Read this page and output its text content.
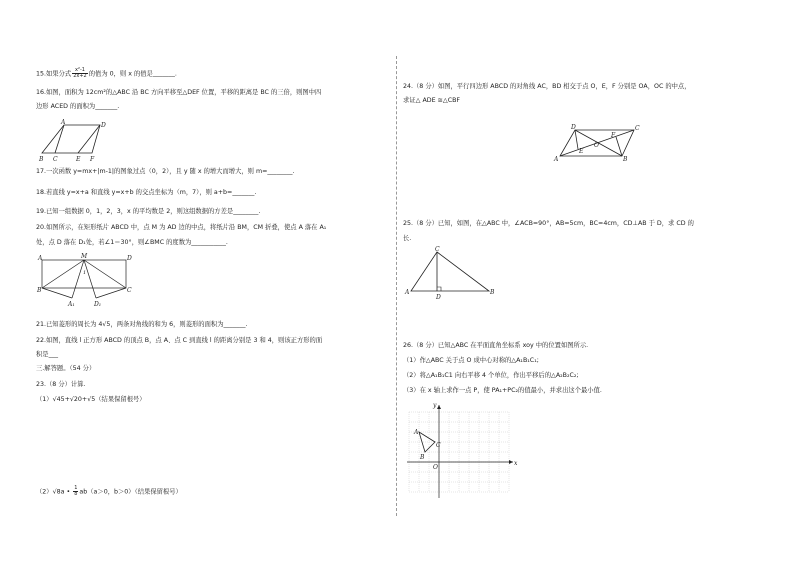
15.如果分式 $\frac{\text{x²-1}}{2x+2}$ 的值为 0，则 x 的值是_______.
16.如图，面积为 12cm²的△ABC 沿 BC 方向平移至△DEF 位置，平移的距离是 BC 的三倍，则图中四
边形 ACED 的面积为_______.
A	D
B C	E F
17.一次函数 y=mx+|m-1|的图象过点（0，2），且 y 随 x 的增大而增大，则 m=________.
18.若直线 y=x+a 和直线 y=x+b 的交点坐标为（m，7），则 a+b=_______.
19.已知一组数据 0，1，2，3，x 的平均数是 2，则这组数据的方差是________.
20.如图所示，在矩形纸片 ABCD 中，点 M 为 AD 边的中点，将纸片沿 BM，CM 折叠，使点 A 落在 A₁
处，点 D 落在 D₁处，若∠1＝30°，则∠BMC 的度数为___________.
A	M	D
1
B
A₁	D₁
C
21.已知菱形的周长为 4√5，两条对角线的和为 6，则菱形的面积为_______.
22.如图，直线 l 正方形 ABCD 的顶点 B，点 A、点 C 到直线 l 的距离分别是 3 和 4，则该正方形的面
积是___
三.解答题。（54 分）
23.（8 分）计算.
（1）√45+√20+√5（结果保留根号）
（2）√8a • $\frac{1}{8} ab(a>0$，b＞0）（结果保留根号）
24.（8 分）如图，平行四边形 ABCD 的对角线 AC，BD 相交于点 O，E，F 分别是 OA，OC 的中点，
求证△ ADE ≅△CBF
D	C
F
O
E
A	B
25.（8 分）已知，如图，在△ABC 中，∠ACB=90°，AB=5cm，BC=4cm，CD⊥AB 于 D，求 CD 的
长.
C
A
D
B
26.（8 分）已知△ABC 在平面直角坐标系 xoy 中的位置如图所示.
（1）作△ABC 关于点 O 成中心对称的△A₁B₁C₁;
（2）将△A₁B₁C1 向右平移 4 个单位，作出平移后的△A₂B₂C₂;
（3）在 x 轴上求作一点 P，使 PA₁+PC₂的值最小，并求出这个最小值.
y
x
A
C
B
O
